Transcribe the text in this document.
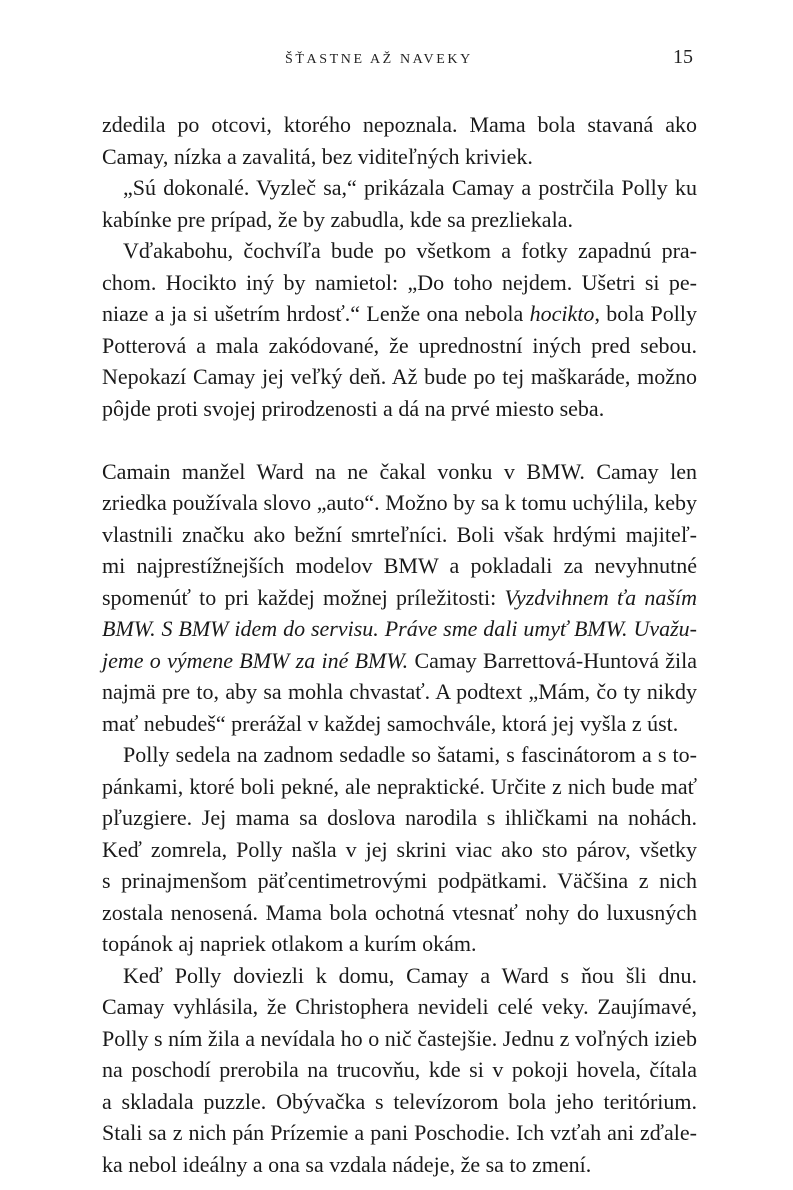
ŠŤASTNE AŽ NAVEKY	15
zdedila po otcovi, ktorého nepoznala. Mama bola stavaná ako
Camay, nízka a zavalitá, bez viditeľných kriviek.
„Sú dokonalé. Vyzleč sa,“ prikázala Camay a postrčila Polly ku
kabínke pre prípad, že by zabudla, kde sa prezliekala.
Vďakabohu, čochvíľa bude po všetkom a fotky zapadnú pra-
chom. Hocikto iný by namietol: „Do toho nejdem. Ušetri si pe-
niaze a ja si ušetrím hrdosť.“ Lenže ona nebola hocikto, bola Polly
Potterová a mala zakódované, že uprednostní iných pred sebou.
Nepokazí Camay jej veľký deň. Až bude po tej maškaráde, možno
pôjde proti svojej prirodzenosti a dá na prvé miesto seba.
Camain manžel Ward na ne čakal vonku v BMW. Camay len
zriedka používala slovo „auto“. Možno by sa k tomu uchýlila, keby
vlastnili značku ako bežní smrteľníci. Boli však hrdými majiteľ-
mi najprestížnejších modelov BMW a pokladali za nevyhnutné
spomenúť to pri každej možnej príležitosti: Vyzdvihnem ťa naším
BMW. S BMW idem do servisu. Práve sme dali umyť BMW. Uvažu-
jeme o výmene BMW za iné BMW. Camay Barrettová-Huntová žila
najmä pre to, aby sa mohla chvastať. A podtext „Mám, čo ty nikdy
mať nebudeš“ prerážal v každej samochvále, ktorá jej vyšla z úst.
Polly sedela na zadnom sedadle so šatami, s fascinátorom a s to-
pánkami, ktoré boli pekné, ale nepraktické. Určite z nich bude mať
pľuzgiere. Jej mama sa doslova narodila s ihličkami na nohách.
Keď zomrela, Polly našla v jej skrini viac ako sto párov, všetky
s prinajmenšom päťcentimetrovými podpätkami. Väčšina z nich
zostala nenosená. Mama bola ochotná vtesnať nohy do luxusných
topánok aj napriek otlakom a kurím okám.
Keď Polly doviezli k domu, Camay a Ward s ňou šli dnu.
Camay vyhlásila, že Christophera nevideli celé veky. Zaujímavé,
Polly s ním žila a nevídala ho o nič častejšie. Jednu z voľných izieb
na poschodí prerobila na trucovňu, kde si v pokoji hovela, čítala
a skladala puzzle. Obývačka s televízorom bola jeho teritórium.
Stali sa z nich pán Prízemie a pani Poschodie. Ich vzťah ani zďale-
ka nebol ideálny a ona sa vzdala nádeje, že sa to zmení.
